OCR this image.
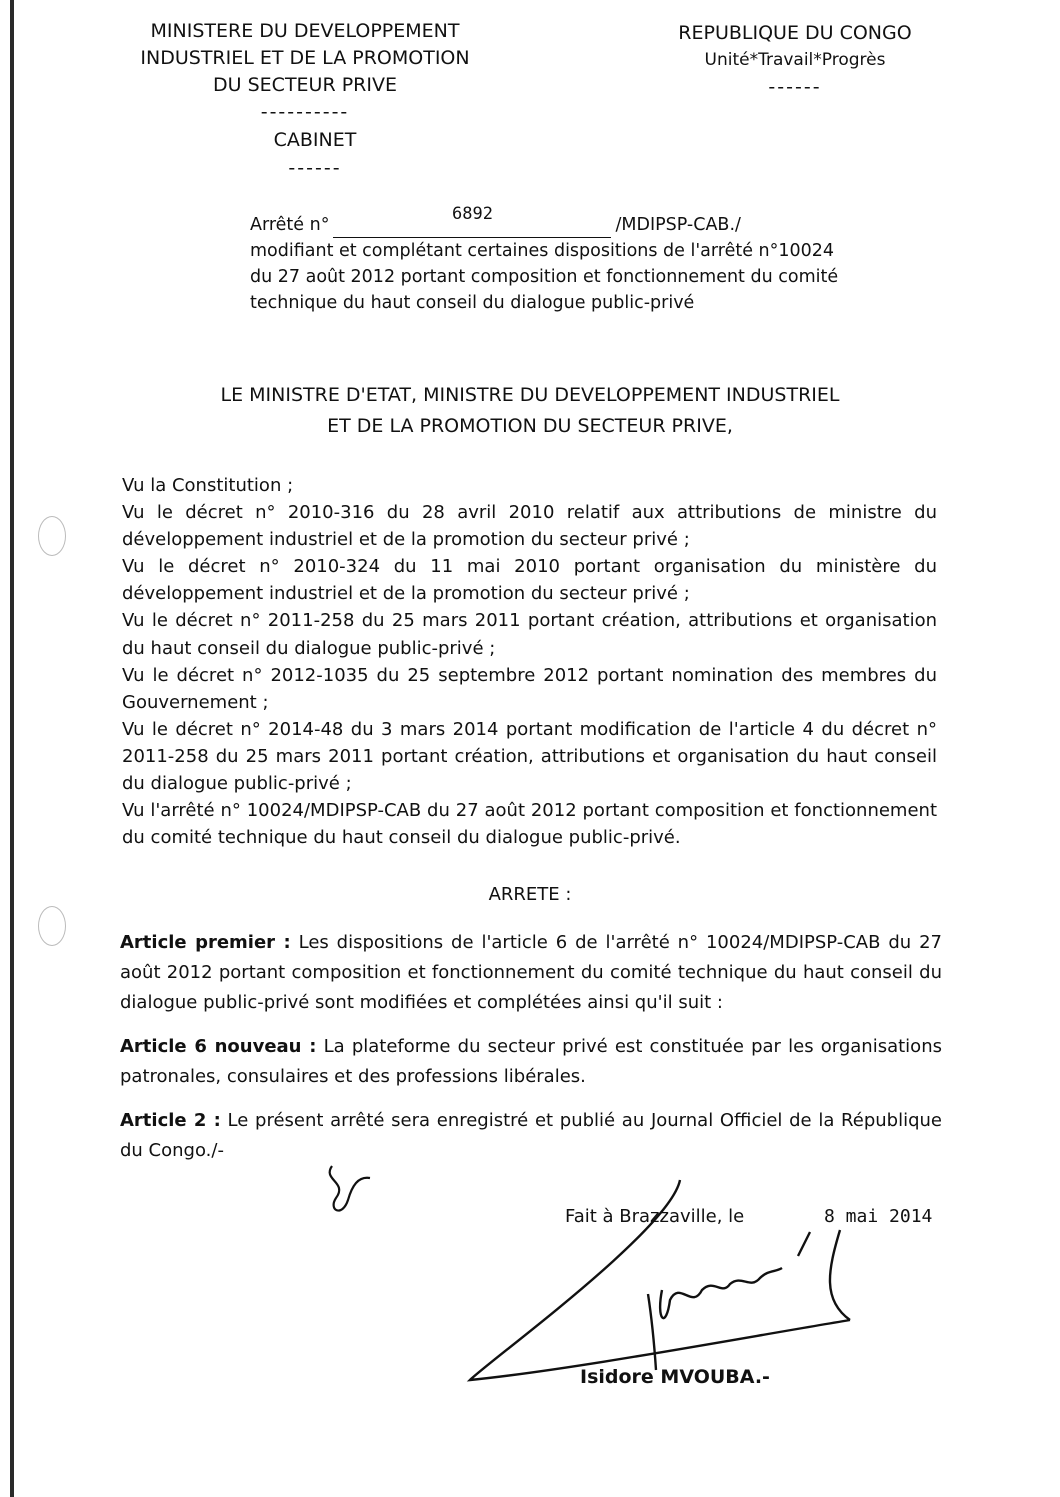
MINISTERE DU DEVELOPPEMENT
INDUSTRIEL ET DE LA PROMOTION
DU SECTEUR PRIVE
----------
REPUBLIQUE DU CONGO
Unité*Travail*Progrès
------
CABINET
------
Arrêté n°
6892
/MDIPSP-CAB./
modifiant et complétant certaines dispositions de l'arrêté n°10024
du 27 août 2012 portant composition et fonctionnement du comité
technique du haut conseil du dialogue public-privé
LE MINISTRE D'ETAT, MINISTRE DU DEVELOPPEMENT INDUSTRIEL
ET DE LA PROMOTION DU SECTEUR PRIVE,

Vu la Constitution ;

Vu le décret n° 2010-316 du 28 avril 2010 relatif aux attributions de ministre du développement industriel et de la promotion du secteur privé ;

Vu le décret n° 2010-324 du 11 mai 2010 portant organisation du ministère du développement industriel et de la promotion du secteur privé ;

Vu le décret n° 2011-258 du 25 mars 2011 portant création, attributions et organisation du haut conseil du dialogue public-privé ;

Vu le décret n° 2012-1035 du 25 septembre 2012 portant nomination des membres du Gouvernement ;

Vu le décret n° 2014-48 du 3 mars 2014 portant modification de l'article 4 du décret n° 2011-258 du 25 mars 2011 portant création, attributions et organisation du haut conseil du dialogue public-privé ;

Vu l'arrêté n° 10024/MDIPSP-CAB du 27 août 2012 portant composition et fonctionnement du comité technique du haut conseil du dialogue public-privé.

ARRETE :

Article premier : Les dispositions de l'article 6 de l'arrêté n° 10024/MDIPSP-CAB du 27 août 2012 portant composition et fonctionnement du comité technique du haut conseil du dialogue public-privé sont modifiées et complétées ainsi qu'il suit :

Article 6 nouveau : La plateforme du secteur privé est constituée par les organisations patronales, consulaires et des professions libérales.

Article 2 : Le présent arrêté sera enregistré et publié au Journal Officiel de la République du Congo./-

Fait à Brazzaville, le	8 mai 2014
Isidore MVOUBA.-
